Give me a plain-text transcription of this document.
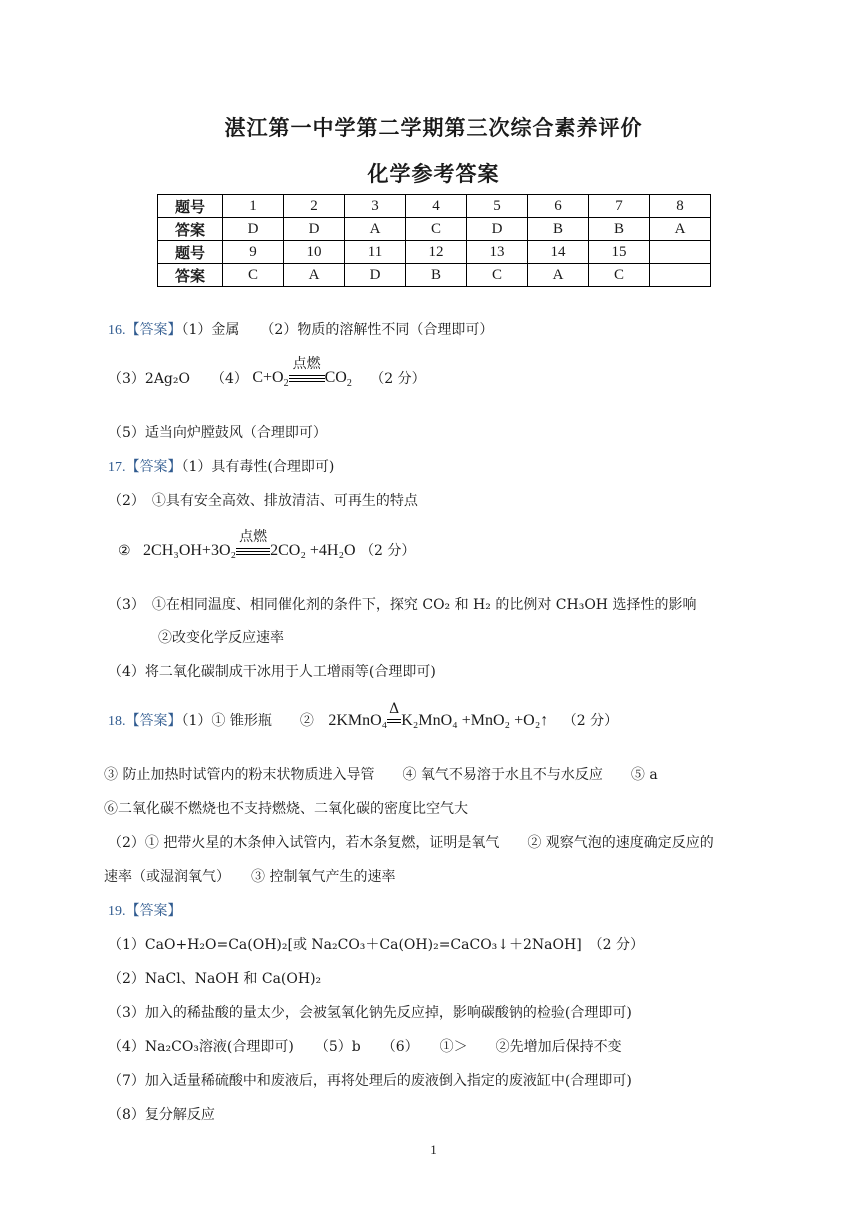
湛江第一中学第二学期第三次综合素养评价
化学参考答案
题号	1	2	3	4	5	6	7	8
答案	D	D	A	C	D	B	B	A
题号	9	10	11	12	13	14	15	
答案	C	A	D	B	C	A	C	
16.【答案】（1）金属　　（2）物质的溶解性不同（合理即可）
（3）2Ag₂O　　（4） $C+O_2$
点燃
$CO_2$ （2 分）
（5）适当向炉膛鼓风（合理即可）
17.【答案】（1）具有毒性(合理即可)
（2）　①具有安全高效、排放清洁、可再生的特点
② 2CH₃OH+3O₂
点燃
2CO₂ +4H₂O （2 分）
（3）　①在相同温度、相同催化剂的条件下，探究 CO₂ 和 H₂ 的比例对 CH₃OH 选择性的影响
②改变化学反应速率
（4）将二氧化碳制成干冰用于人工增雨等(合理即可)
18.【答案】（1）① 锥形瓶　　② 2KMnO₄
Δ
K₂MnO₄ +MnO₂ +O₂↑ （2 分）
③ 防止加热时试管内的粉末状物质进入导管　　④ 氧气不易溶于水且不与水反应　　⑤ a
⑥二氧化碳不燃烧也不支持燃烧、二氧化碳的密度比空气大
（2）① 把带火星的木条伸入试管内，若木条复燃，证明是氧气　　② 观察气泡的速度确定反应的
速率（或湿润氧气）　　③ 控制氧气产生的速率
19.【答案】
（1）CaO+H₂O=Ca(OH)₂[或 Na₂CO₃＋Ca(OH)₂=CaCO₃↓＋2NaOH]　（2 分）
（2）NaCl、NaOH 和 Ca(OH)₂
（3）加入的稀盐酸的量太少，会被氢氧化钠先反应掉，影响碳酸钠的检验(合理即可)
（4）Na₂CO₃溶液(合理即可)　　（5）b　　（6）　　①＞　　②先增加后保持不变
（7）加入适量稀硫酸中和废液后，再将处理后的废液倒入指定的废液缸中(合理即可)
（8）复分解反应
1
